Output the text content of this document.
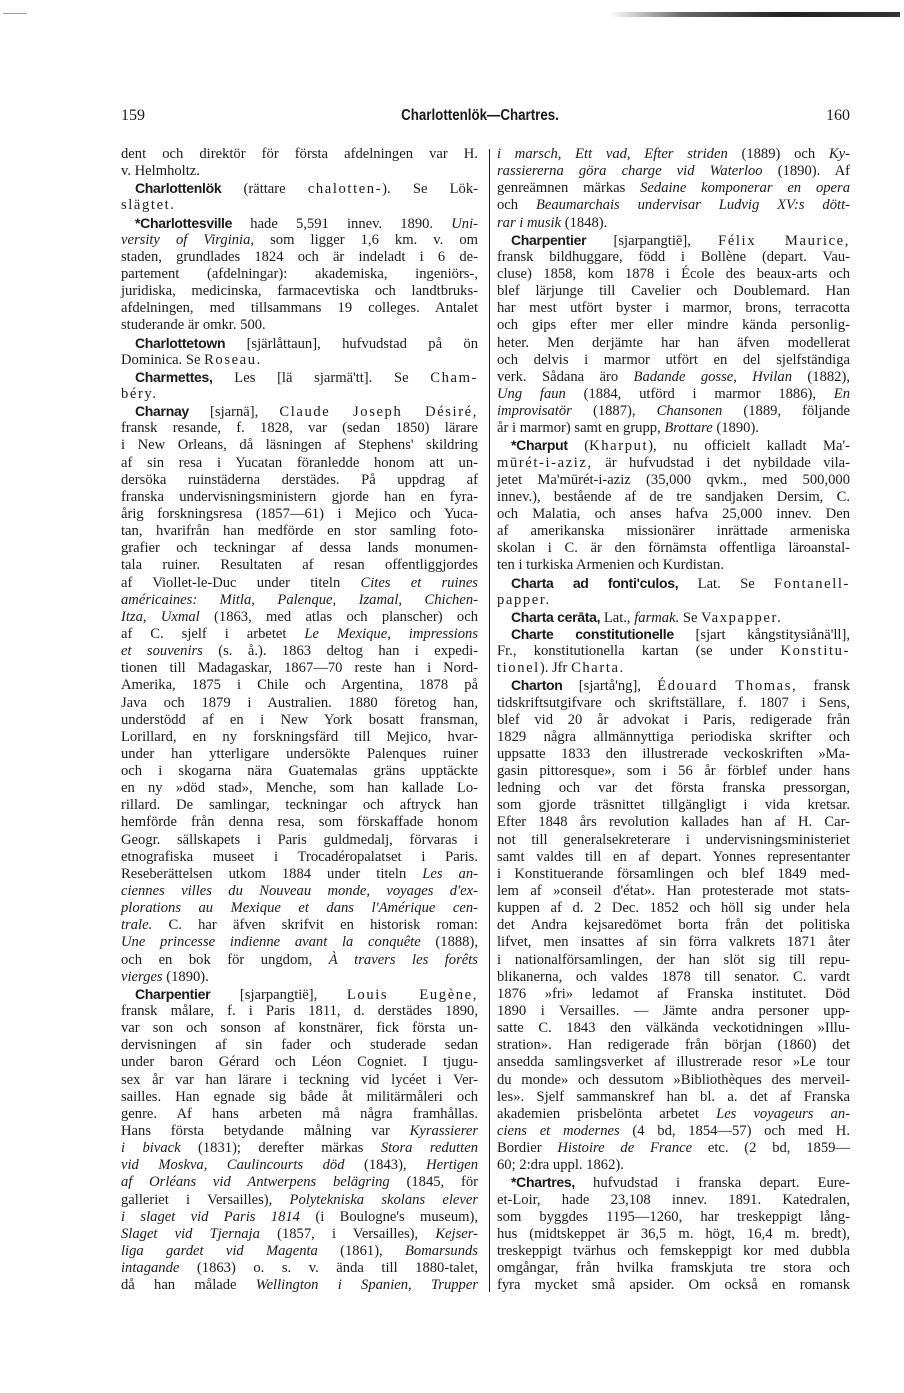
159	Charlottenlök—Chartres.	160
dent och direktör för första afdelningen var H.
v. Helmholtz.
Charlottenlök (rättare chalotten-). Se Lök-
slägtet.
*Charlottesville hade 5,591 innev. 1890. Uni-
versity of Virginia, som ligger 1,6 km. v. om
staden, grundlades 1824 och är indeladt i 6 de-
partement (afdelningar): akademiska, ingeniörs-,
juridiska, medicinska, farmacevtiska och landtbruks-
afdelningen, med tillsammans 19 colleges. Antalet
studerande är omkr. 500.
Charlottetown [sjärlåttaun], hufvudstad på ön
Dominica. Se Roseau.
Charmettes, Les [lä sjarmä'tt]. Se Cham-
béry.
Charnay [sjarnä], Claude Joseph Désiré,
fransk resande, f. 1828, var (sedan 1850) lärare
i New Orleans, då läsningen af Stephens' skildring
af sin resa i Yucatan föranledde honom att un-
dersöka ruinstäderna derstädes. På uppdrag af
franska undervisningsministern gjorde han en fyra-
årig forskningsresa (1857—61) i Mejico och Yuca-
tan, hvarifrån han medförde en stor samling foto-
grafier och teckningar af dessa lands monumen-
tala ruiner. Resultaten af resan offentliggjordes
af Viollet-le-Duc under titeln Cites et ruines
américaines: Mitla, Palenque, Izamal, Chichen-
Itza, Uxmal (1863, med atlas och planscher) och
af C. sjelf i arbetet Le Mexique, impressions
et souvenirs (s. å.). 1863 deltog han i expedi-
tionen till Madagaskar, 1867—70 reste han i Nord-
Amerika, 1875 i Chile och Argentina, 1878 på
Java och 1879 i Australien. 1880 företog han,
understödd af en i New York bosatt fransman,
Lorillard, en ny forskningsfärd till Mejico, hvar-
under han ytterligare undersökte Palenques ruiner
och i skogarna nära Guatemalas gräns upptäckte
en ny »död stad», Menche, som han kallade Lo-
rillard. De samlingar, teckningar och aftryck han
hemförde från denna resa, som förskaffade honom
Geogr. sällskapets i Paris guldmedalj, förvaras i
etnografiska museet i Trocadéropalatset i Paris.
Reseberättelsen utkom 1884 under titeln Les an-
ciennes villes du Nouveau monde, voyages d'ex-
plorations au Mexique et dans l'Amérique cen-
trale. C. har äfven skrifvit en historisk roman:
Une princesse indienne avant la conquête (1888),
och en bok för ungdom, À travers les forêts
vierges (1890).
Charpentier [sjarpangtië], Louis Eugène,
fransk målare, f. i Paris 1811, d. derstädes 1890,
var son och sonson af konstnärer, fick första un-
dervisningen af sin fader och studerade sedan
under baron Gérard och Léon Cogniet. I tjugu-
sex år var han lärare i teckning vid lycéet i Ver-
sailles. Han egnade sig både åt militärmåleri och
genre. Af hans arbeten må några framhållas.
Hans första betydande målning var Kyrassierer
i bivack (1831); derefter märkas Stora redutten
vid Moskva, Caulincourts död (1843), Hertigen
af Orléans vid Antwerpens belägring (1845, för
galleriet i Versailles), Polytekniska skolans elever
i slaget vid Paris 1814 (i Boulogne's museum),
Slaget vid Tjernaja (1857, i Versailles), Kejser-
liga gardet vid Magenta (1861), Bomarsunds
intagande (1863) o. s. v. ända till 1880-talet,
då han målade Wellington i Spanien, Trupper
i marsch, Ett vad, Efter striden (1889) och Ky-
rassiererna göra charge vid Waterloo (1890). Af
genreämnen märkas Sedaine komponerar en opera
och Beaumarchais undervisar Ludvig XV:s dött-
rar i musik (1848).
Charpentier [sjarpangtiē], Félix Maurice,
fransk bildhuggare, född i Bollène (depart. Vau-
cluse) 1858, kom 1878 i École des beaux-arts och
blef lärjunge till Cavelier och Doublemard. Han
har mest utfört byster i marmor, brons, terracotta
och gips efter mer eller mindre kända personlig-
heter. Men derjämte har han äfven modellerat
och delvis i marmor utfört en del sjelfständiga
verk. Sådana äro Badande gosse, Hvilan (1882),
Ung faun (1884, utförd i marmor 1886), En
improvisatör (1887), Chansonen (1889, följande
år i marmor) samt en grupp, Brottare (1890).
*Charput (Kharput), nu officielt kalladt Ma'-
mūrét-i-aziz, är hufvudstad i det nybildade vila-
jetet Ma'mūrét-i-aziz (35,000 qvkm., med 500,000
innev.), bestående af de tre sandjaken Dersim, C.
och Malatia, och anses hafva 25,000 innev. Den
af amerikanska missionärer inrättade armeniska
skolan i C. är den förnämsta offentliga läroanstal-
ten i turkiska Armenien och Kurdistan.
Charta ad fonti'culos, Lat. Se Fontanell-
papper.
Charta cerāta, Lat., farmak. Se Vaxpapper.
Charte constitutionelle [sjart kångstitysiånä'll],
Fr., konstitutionella kartan (se under Konstitu-
tionel). Jfr Charta.
Charton [sjartå'ng], Édouard Thomas, fransk
tidskriftsutgifvare och skriftställare, f. 1807 i Sens,
blef vid 20 år advokat i Paris, redigerade från
1829 några allmännyttiga periodiska skrifter och
uppsatte 1833 den illustrerade veckoskriften »Ma-
gasin pittoresque», som i 56 år förblef under hans
ledning och var det första franska pressorgan,
som gjorde träsnittet tillgängligt i vida kretsar.
Efter 1848 års revolution kallades han af H. Car-
not till generalsekreterare i undervisningsministeriet
samt valdes till en af depart. Yonnes representanter
i Konstituerande församlingen och blef 1849 med-
lem af »conseil d'état». Han protesterade mot stats-
kuppen af d. 2 Dec. 1852 och höll sig under hela
det Andra kejsaredömet borta från det politiska
lifvet, men insattes af sin förra valkrets 1871 åter
i nationalförsamlingen, der han slöt sig till repu-
blikanerna, och valdes 1878 till senator. C. vardt
1876 »fri» ledamot af Franska institutet. Död
1890 i Versailles. — Jämte andra personer upp-
satte C. 1843 den välkända veckotidningen »Illu-
stration». Han redigerade från början (1860) det
ansedda samlingsverket af illustrerade resor »Le tour
du monde» och dessutom »Bibliothèques des merveil-
les». Sjelf sammanskref han bl. a. det af Franska
akademien prisbelönta arbetet Les voyageurs an-
ciens et modernes (4 bd, 1854—57) och med H.
Bordier Histoire de France etc. (2 bd, 1859—
60; 2:dra uppl. 1862).
*Chartres, hufvudstad i franska depart. Eure-
et-Loir, hade 23,108 innev. 1891. Katedralen,
som byggdes 1195—1260, har treskeppigt lång-
hus (midtskeppet är 36,5 m. högt, 16,4 m. bredt),
treskeppigt tvärhus och femskeppigt kor med dubbla
omgångar, från hvilka framskjuta tre stora och
fyra mycket små apsider. Om också en romansk
